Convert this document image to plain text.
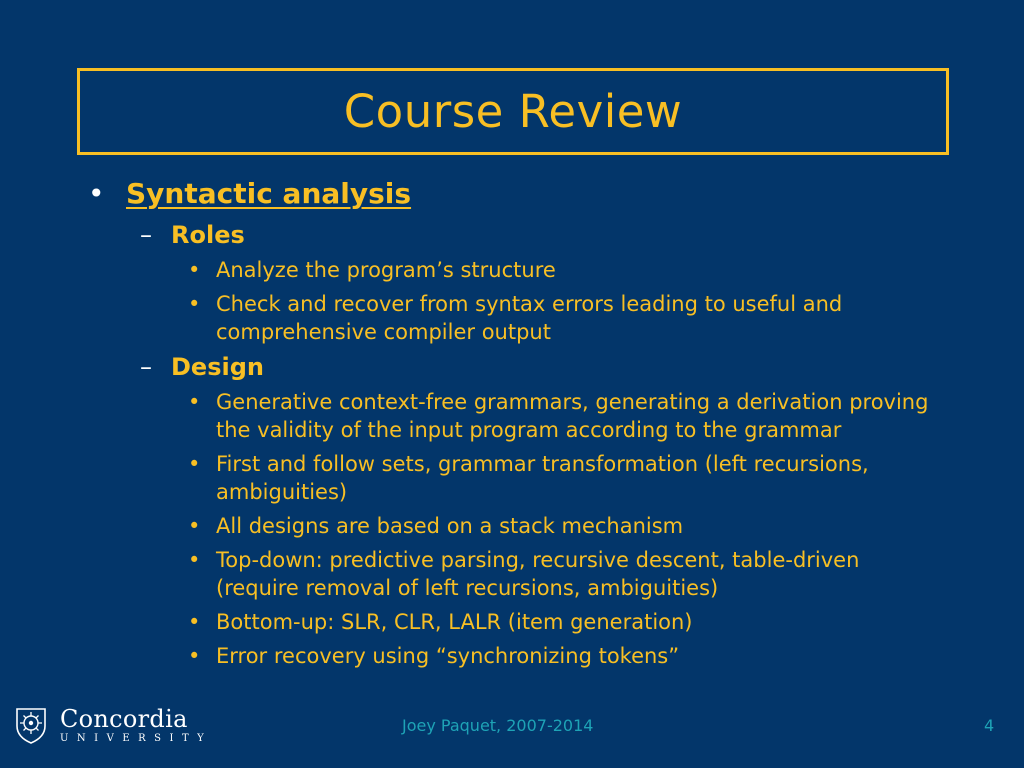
Course Review
• Syntactic analysis
– Roles
• Analyze the program’s structure
• Check and recover from syntax errors leading to useful and comprehensive compiler output
– Design
• Generative context-free grammars, generating a derivation proving the validity of the input program according to the grammar
• First and follow sets, grammar transformation (left recursions, ambiguities)
• All designs are based on a stack mechanism
• Top-down: predictive parsing, recursive descent, table-driven (require removal of left recursions, ambiguities)
• Bottom-up: SLR, CLR, LALR (item generation)
• Error recovery using “synchronizing tokens”
Concordia
UNIVERSITY
Joey Paquet, 2007-2014	4
